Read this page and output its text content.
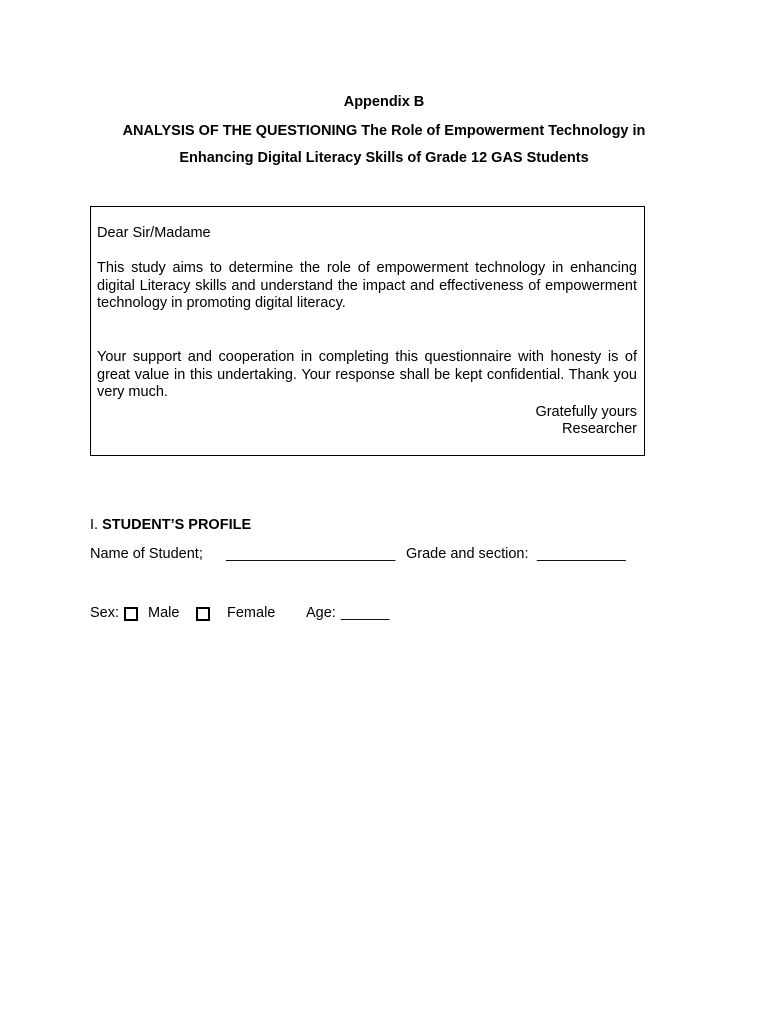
Appendix B
ANALYSIS OF THE QUESTIONING The Role of Empowerment Technology in
Enhancing Digital Literacy Skills of Grade 12 GAS Students
Dear Sir/Madame
This study aims to determine the role of empowerment technology in enhancing digital Literacy skills and understand the impact and effectiveness of empowerment technology in promoting digital literacy.
Your support and cooperation in completing this questionnaire with honesty is of great value in this undertaking. Your response shall be kept confidential. Thank you very much.
Gratefully yours
Researcher
I. STUDENT’S PROFILE

Name of Student;

_____________________

Grade and section:

___________

Sex:

Male

	Female

Age:

______
